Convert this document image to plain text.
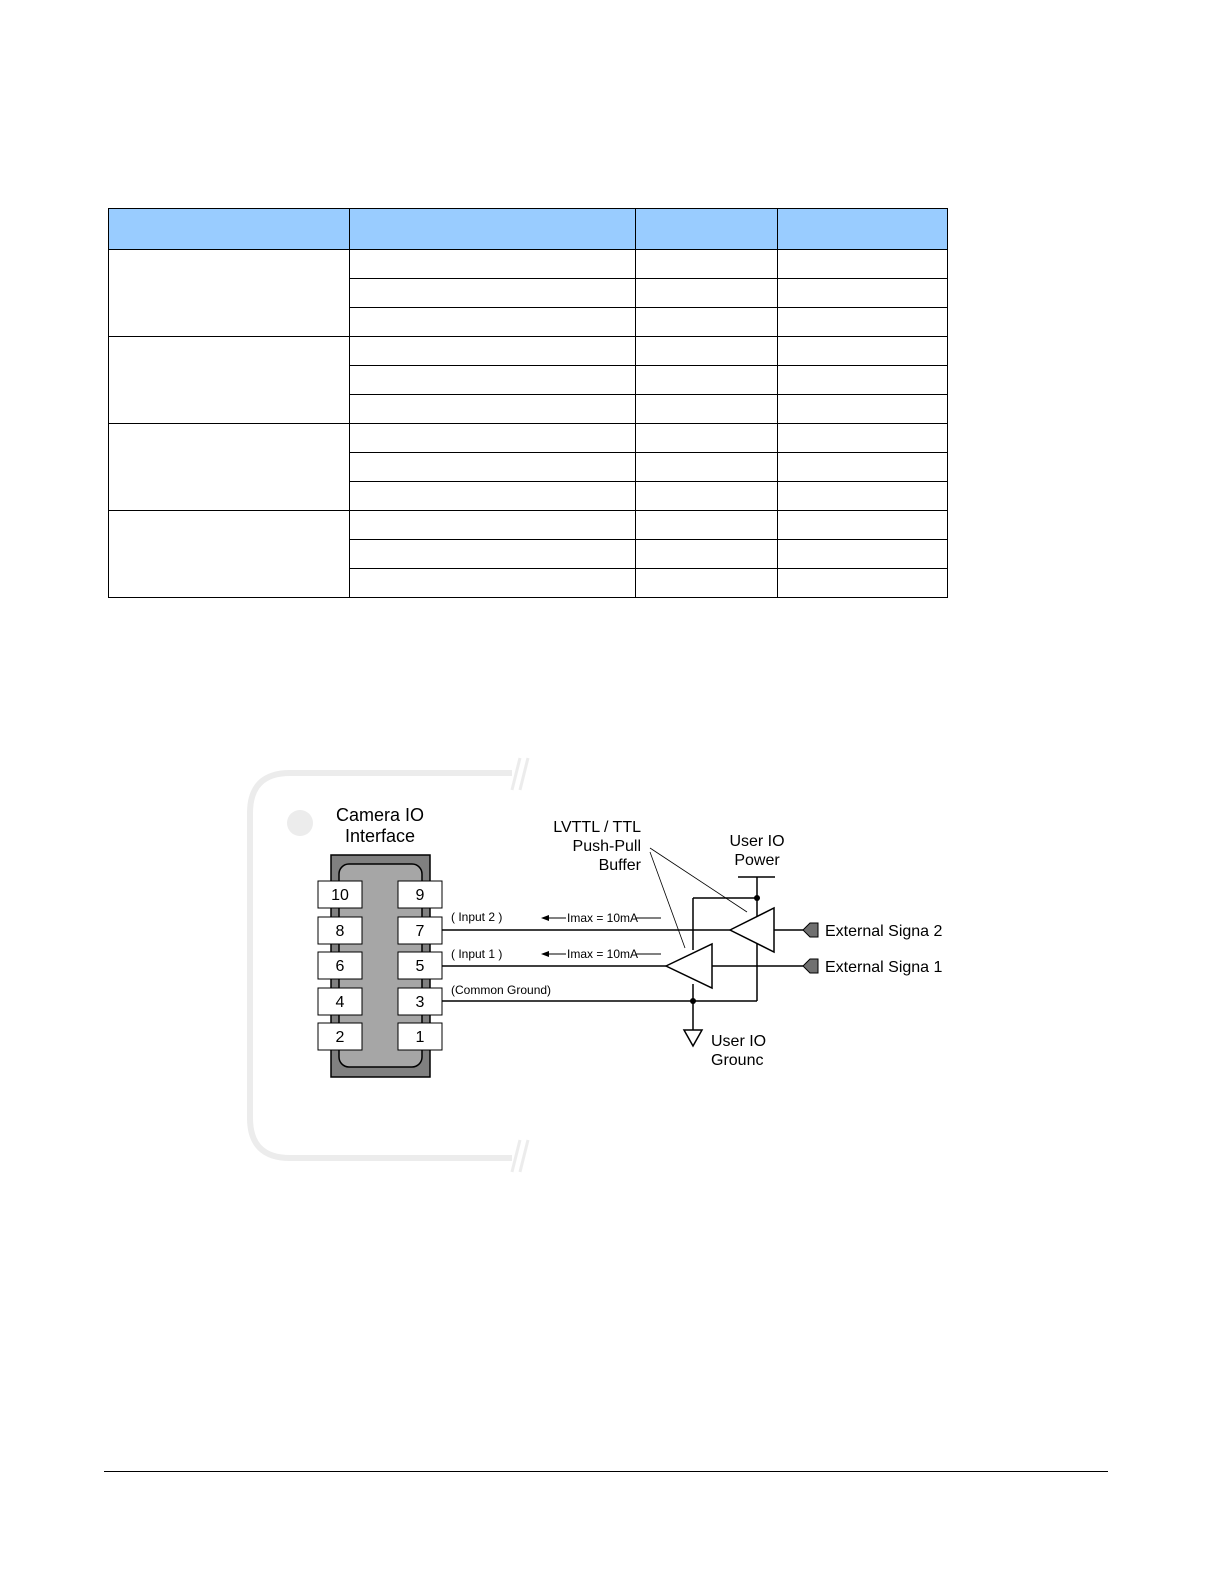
Camera IO
Interface
10
8
6
4
2
9
7
5
3
1
( Input 2 )
( Input 1 )
Imax = 10mA
Imax = 10mA
(Common Ground)
LVTTL / TTL
Push-Pull
Buffer
User IO
Power
User IO
Grounc
External Signa 2
External Signa 1
